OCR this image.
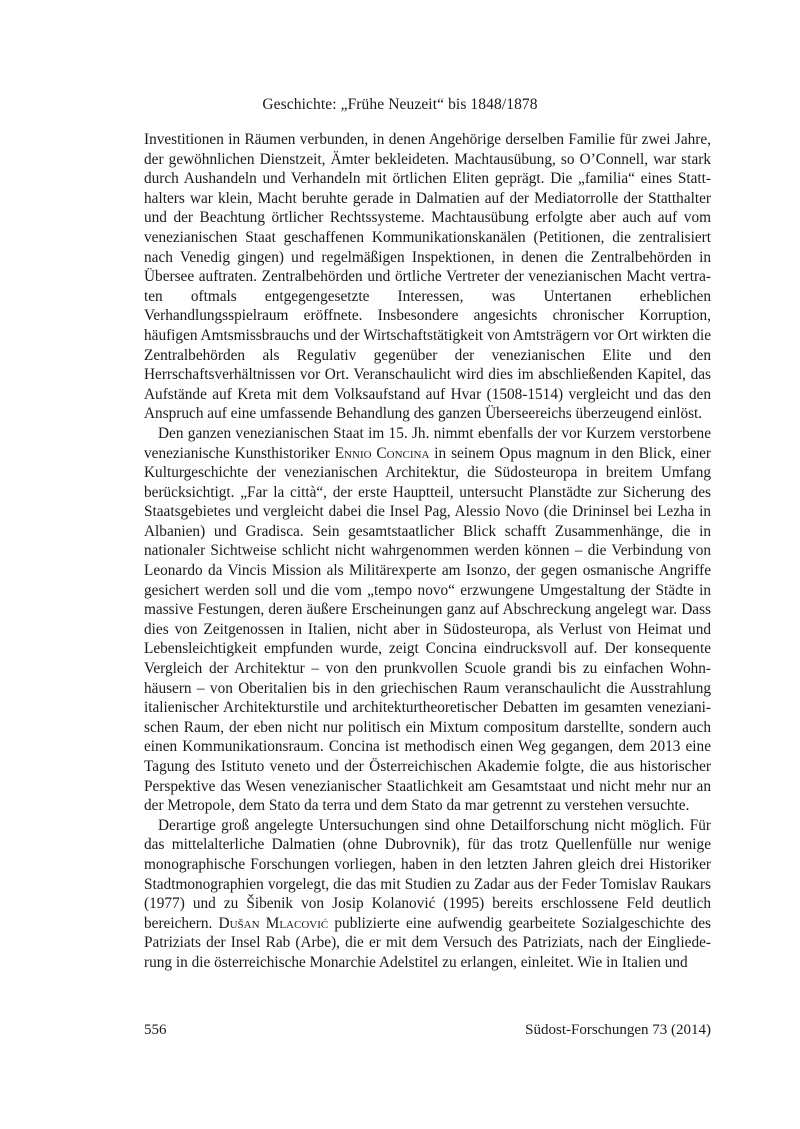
Geschichte: „Frühe Neuzeit“ bis 1848/1878

Investitionen in Räumen verbunden, in denen Angehörige derselben Familie für zwei Jahre, der gewöhnlichen Dienstzeit, Ämter bekleideten. Machtausübung, so O’Connell, war stark durch Aushandeln und Verhandeln mit örtlichen Eliten geprägt. Die „familia“ eines Statthalters war klein, Macht beruhte gerade in Dalmatien auf der Mediatorrolle der Statthalter und der Beachtung örtlicher Rechtssysteme. Machtausübung erfolgte aber auch auf vom venezianischen Staat geschaffenen Kommunikationskanälen (Petitionen, die zentralisiert nach Venedig gingen) und regelmäßigen Inspektionen, in denen die Zentralbehörden in Übersee auftraten. Zentralbehörden und örtliche Vertreter der venezianischen Macht vertraten oftmals entgegengesetzte Interessen, was Untertanen erheblichen Verhandlungsspielraum eröffnete. Insbesondere angesichts chronischer Korruption, häufigen Amtsmissbrauchs und der Wirtschaftstätigkeit von Amtsträgern vor Ort wirkten die Zentralbehörden als Regulativ gegenüber der venezianischen Elite und den Herrschaftsverhältnissen vor Ort. Veranschaulicht wird dies im abschließenden Kapitel, das Aufstände auf Kreta mit dem Volksaufstand auf Hvar (1508-1514) vergleicht und das den Anspruch auf eine umfassende Behandlung des ganzen Überseereichs überzeugend einlöst.

Den ganzen venezianischen Staat im 15. Jh. nimmt ebenfalls der vor Kurzem verstorbene venezianische Kunsthistoriker Ennio Concina in seinem Opus magnum in den Blick, einer Kulturgeschichte der venezianischen Architektur, die Südosteuropa in breitem Umfang berücksichtigt. „Far la città“, der erste Hauptteil, untersucht Planstädte zur Sicherung des Staatsgebietes und vergleicht dabei die Insel Pag, Alessio Novo (die Drininsel bei Lezha in Albanien) und Gradisca. Sein gesamtstaatlicher Blick schafft Zusammenhänge, die in nationaler Sichtweise schlicht nicht wahrgenommen werden können – die Verbindung von Leonardo da Vincis Mission als Militärexperte am Isonzo, der gegen osmanische Angriffe gesichert werden soll und die vom „tempo novo“ erzwungene Umgestaltung der Städte in massive Festungen, deren äußere Erscheinungen ganz auf Abschreckung angelegt war. Dass dies von Zeitgenossen in Italien, nicht aber in Südosteuropa, als Verlust von Heimat und Lebensleichtigkeit empfunden wurde, zeigt Concina eindrucksvoll auf. Der konsequente Vergleich der Architektur – von den prunkvollen Scuole grandi bis zu einfachen Wohnhäusern – von Oberitalien bis in den griechischen Raum veranschaulicht die Ausstrahlung italienischer Architekturstile und architekturtheoretischer Debatten im gesamten venezianischen Raum, der eben nicht nur politisch ein Mixtum compositum darstellte, sondern auch einen Kommunikationsraum. Concina ist methodisch einen Weg gegangen, dem 2013 eine Tagung des Istituto veneto und der Österreichischen Akademie folgte, die aus historischer Perspektive das Wesen venezianischer Staatlichkeit am Gesamtstaat und nicht mehr nur an der Metropole, dem Stato da terra und dem Stato da mar getrennt zu verstehen versuchte.

Derartige groß angelegte Untersuchungen sind ohne Detailforschung nicht möglich. Für das mittelalterliche Dalmatien (ohne Dubrovnik), für das trotz Quellenfülle nur wenige monographische Forschungen vorliegen, haben in den letzten Jahren gleich drei Historiker Stadtmonographien vorgelegt, die das mit Studien zu Zadar aus der Feder Tomislav Raukars (1977) und zu Šibenik von Josip Kolanović (1995) bereits erschlossene Feld deutlich bereichern. Dušan Mlacović publizierte eine aufwendig gearbeitete Sozialgeschichte des Patriziats der Insel Rab (Arbe), die er mit dem Versuch des Patriziats, nach der Eingliederung in die österreichische Monarchie Adelstitel zu erlangen, einleitet. Wie in Italien und

556	Südost-Forschungen 73 (2014)
